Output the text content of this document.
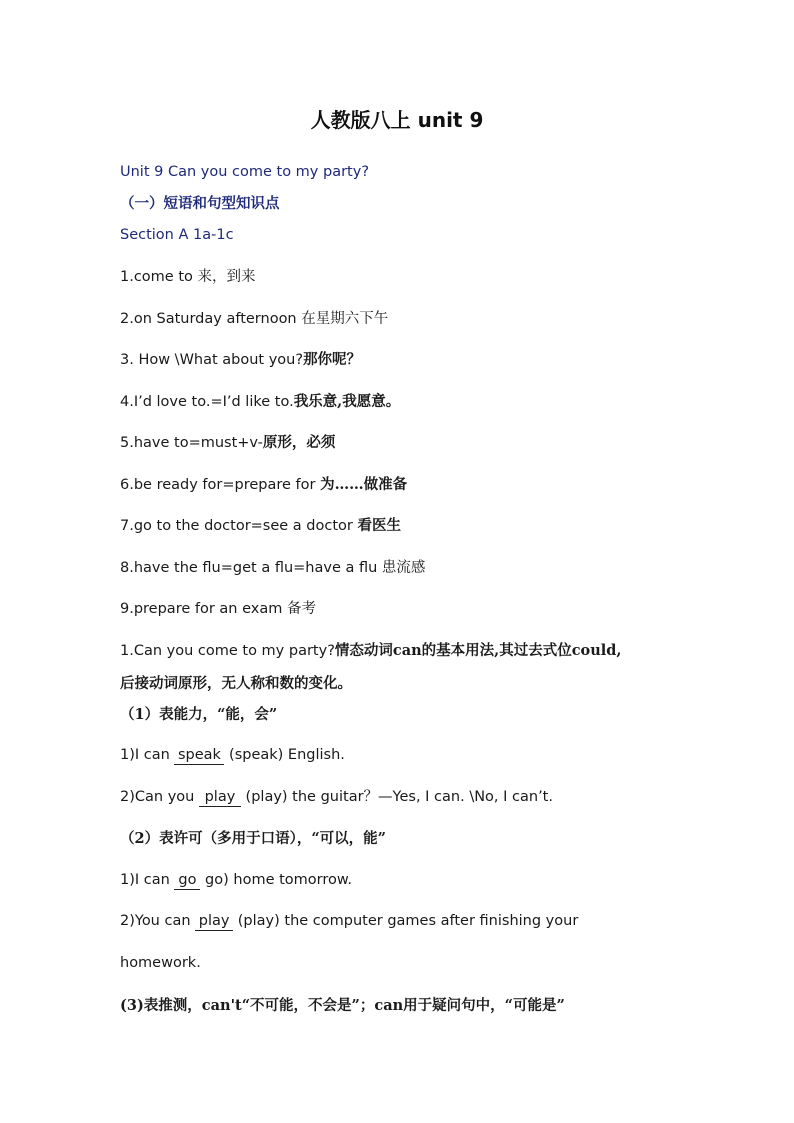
人教版八上 unit 9
Unit 9 Can you come to my party?
（一）短语和句型知识点
Section A 1a-1c
1.come to 来，到来
2.on Saturday afternoon 在星期六下午
3. How \What about you?那你呢？
4.I’d love to.=I’d like to.我乐意,我愿意。
5.have to=must+v-原形，必须
6.be ready for=prepare for 为……做准备
7.go to the doctor=see a doctor 看医生
8.have the flu=get a flu=have a flu 患流感
9.prepare for an exam 备考
1.Can you come to my party?情态动词can的基本用法,其过去式位could,
后接动词原形，无人称和数的变化。
（1）表能力，“能，会”
1)I can speak (speak) English.
2)Can you play (play) the guitar？—Yes, I can. \No, I can’t.
（2）表许可（多用于口语），“可以，能”
1)I can go go) home tomorrow.
2)You can play (play) the computer games after finishing your
homework.
(3)表推测，can't“不可能，不会是”；can用于疑问句中，“可能是”
